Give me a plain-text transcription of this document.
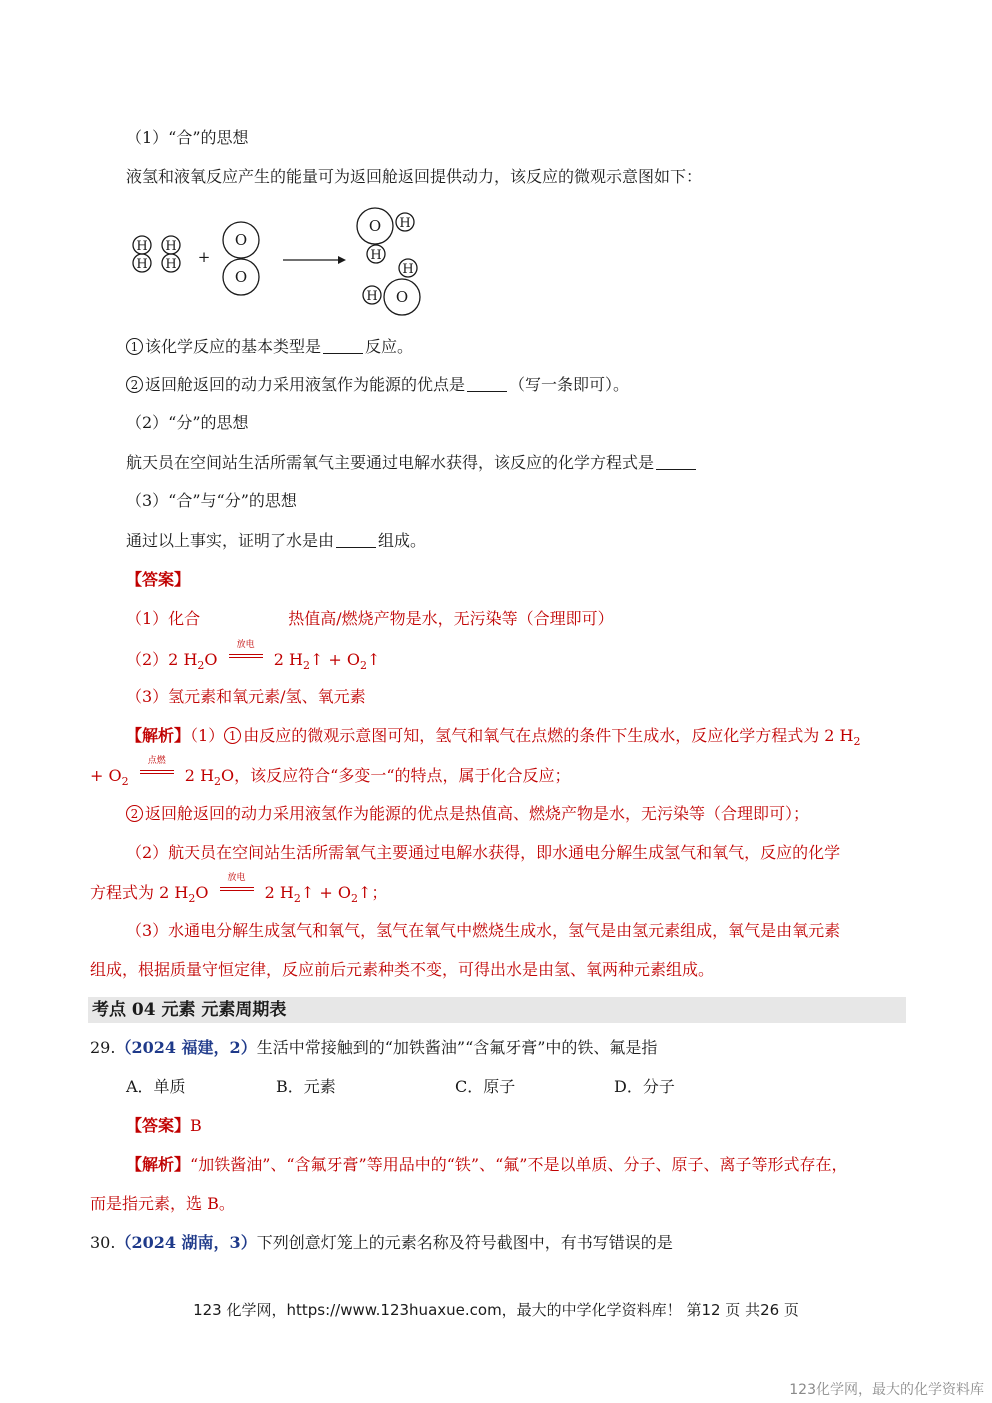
（1）“合”的思想
液氢和液氧反应产生的能量可为返回舱返回提供动力，该反应的微观示意图如下：
H
H
H
H +
O
O
O H
H
O
H
H
1 该化学反应的基本类型是	反应。
2 返回舱返回的动力采用液氢作为能源的优点是	（写一条即可）。
（2）“分”的思想
航天员在空间站生活所需氧气主要通过电解水获得，该反应的化学方程式是
（3）“合”与“分”的思想
通过以上事实，证明了水是由	组成。
【答案】
（1）化合	热值高/燃烧产物是水，无污染等（合理即可）
（2）2 $H_2O$
放电
2 $H_2↑$ + $O_2↑$
（3）氢元素和氧元素/氢、氧元素
【解析】（1） 1 由反应的微观示意图可知，氢气和氧气在点燃的条件下生成水，反应化学方程式为 2 $H_2$
+ $O_2$
点燃
2 $H_2O$，该反应符合“多变一“的特点，属于化合反应；
2 返回舱返回的动力采用液氢作为能源的优点是热值高、燃烧产物是水，无污染等（合理即可）；
（2）航天员在空间站生活所需氧气主要通过电解水获得，即水通电分解生成氢气和氧气，反应的化学
方程式为 2 $H_2O$
放电
2 $H_2↑$ + $O_2↑$；
（3）水通电分解生成氢气和氧气，氢气在氧气中燃烧生成水，氢气是由氢元素组成，氧气是由氧元素
组成，根据质量守恒定律，反应前后元素种类不变，可得出水是由氢、氧两种元素组成。
考点 04 元素 元素周期表
29.（2024 福建，2）生活中常接触到的“加铁酱油”“含氟牙膏”中的铁、氟是指
A．单质	B．元素	C．原子	D．分子
【答案】B
【解析】“加铁酱油”、“含氟牙膏”等用品中的“铁”、“氟”不是以单质、分子、原子、离子等形式存在，
而是指元素，选 B。
30.（2024 湖南，3）下列创意灯笼上的元素名称及符号截图中，有书写错误的是
123 化学网，https://www.123huaxue.com，最大的中学化学资料库！ 第12 页 共26 页
123化学网，最大的化学资料库
